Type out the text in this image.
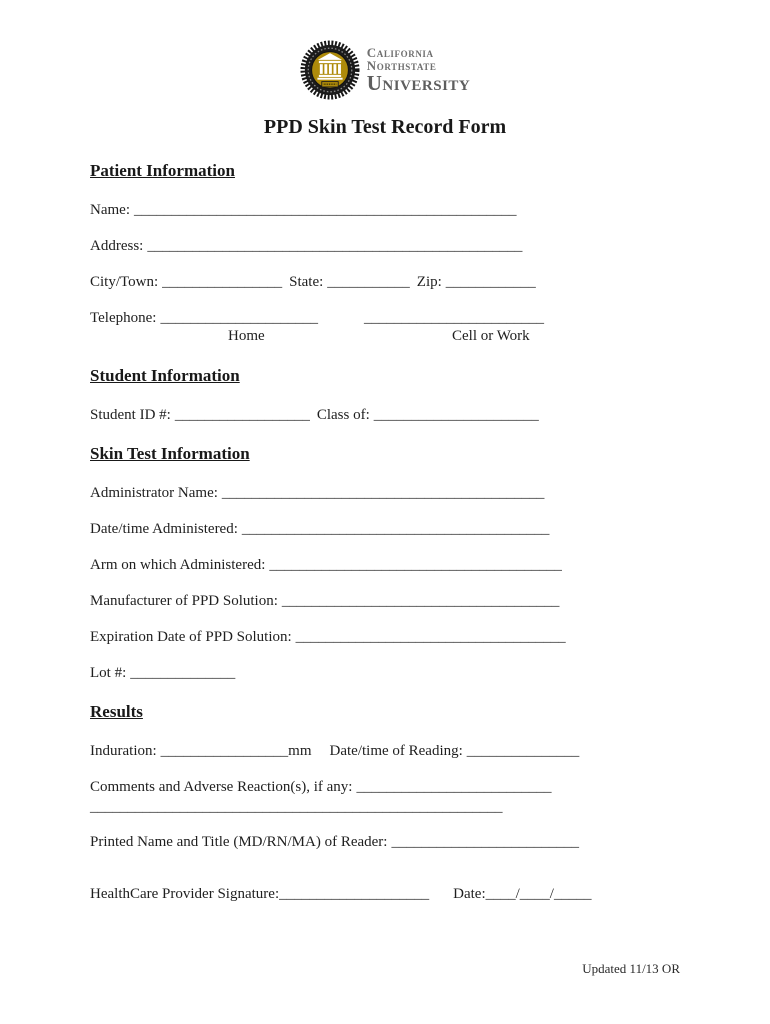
California
Northstate
University
PPD Skin Test Record Form
Patient Information

Name: ___________________________________________________

Address: __________________________________________________

City/Town: ________________ State: ___________ Zip: ____________

Telephone: _____________________	________________________

Home	Cell or Work
Student Information

Student ID #: __________________ Class of: ______________________

Skin Test Information

Administrator Name: ___________________________________________

Date/time Administered: _________________________________________

Arm on which Administered: _______________________________________

Manufacturer of PPD Solution: _____________________________________

Expiration Date of PPD Solution: ____________________________________

Lot #: ______________

Results

Induration: _________________mm Date/time of Reading: _______________

Comments and Adverse Reaction(s), if any: __________________________

_______________________________________________________

Printed Name and Title (MD/RN/MA) of Reader: _________________________

HealthCare Provider Signature:____________________ Date:____/____/_____

Updated 11/13 OR
